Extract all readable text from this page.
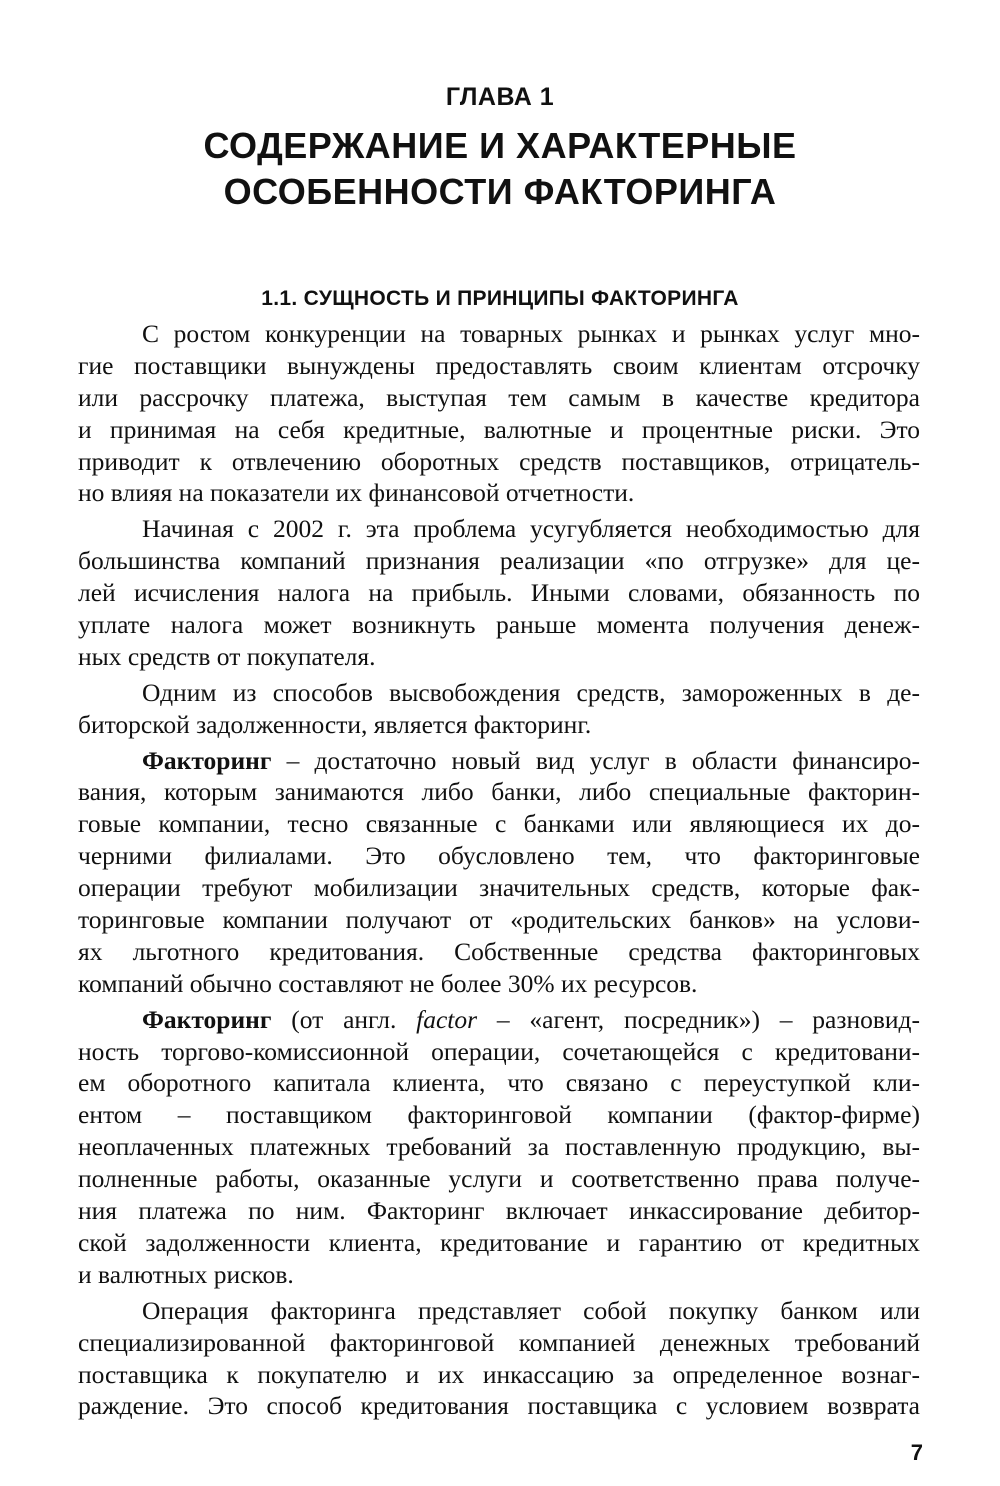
ГЛАВА 1
СОДЕРЖАНИЕ И ХАРАКТЕРНЫЕ
ОСОБЕННОСТИ ФАКТОРИНГА
1.1. СУЩНОСТЬ И ПРИНЦИПЫ ФАКТОРИНГА
С ростом конкуренции на товарных рынках и рынках услуг мно-
гие поставщики вынуждены предоставлять своим клиентам отсрочку
или рассрочку платежа, выступая тем самым в качестве кредитора
и принимая на себя кредитные, валютные и процентные риски. Это
приводит к отвлечению оборотных средств поставщиков, отрицатель-
но влияя на показатели их финансовой отчетности.
Начиная с 2002 г. эта проблема усугубляется необходимостью для
большинства компаний признания реализации «по отгрузке» для це-
лей исчисления налога на прибыль. Иными словами, обязанность по
уплате налога может возникнуть раньше момента получения денеж-
ных средств от покупателя.
Одним из способов высвобождения средств, замороженных в де-
биторской задолженности, является факторинг.
Факторинг – достаточно новый вид услуг в области финансиро-
вания, которым занимаются либо банки, либо специальные факторин-
говые компании, тесно связанные с банками или являющиеся их до-
черними филиалами. Это обусловлено тем, что факторинговые
операции требуют мобилизации значительных средств, которые фак-
торинговые компании получают от «родительских банков» на услови-
ях льготного кредитования. Собственные средства факторинговых
компаний обычно составляют не более 30% их ресурсов.
Факторинг (от англ. factor – «агент, посредник») – разновид-
ность торгово-комиссионной операции, сочетающейся с кредитовани-
ем оборотного капитала клиента, что связано с переуступкой кли-
ентом – поставщиком факторинговой компании (фактор-фирме)
неоплаченных платежных требований за поставленную продукцию, вы-
полненные работы, оказанные услуги и соответственно права получе-
ния платежа по ним. Факторинг включает инкассирование дебитор-
ской задолженности клиента, кредитование и гарантию от кредитных
и валютных рисков.
Операция факторинга представляет собой покупку банком или
специализированной факторинговой компанией денежных требований
поставщика к покупателю и их инкассацию за определенное вознаг-
раждение. Это способ кредитования поставщика с условием возврата
7
